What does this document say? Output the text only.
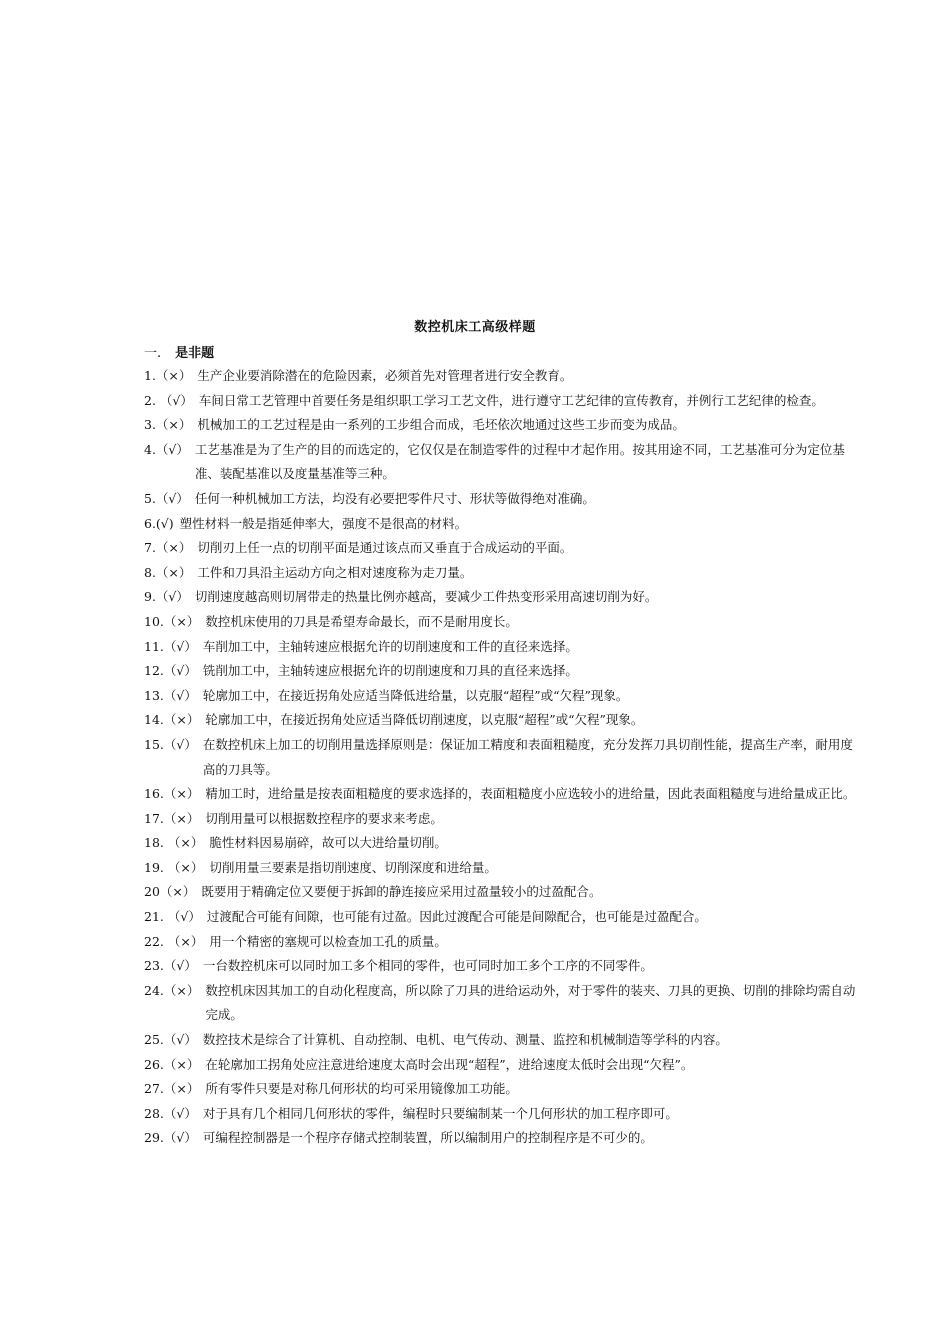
数控机床工高级样题
一. 是非题
1.（×） 生产企业要消除潜在的危险因素，必须首先对管理者进行安全教育。
2. （√） 车间日常工艺管理中首要任务是组织职工学习工艺文件，进行遵守工艺纪律的宣传教育，并例行工艺纪律的检查。
3.（×） 机械加工的工艺过程是由一系列的工步组合而成，毛坯依次地通过这些工步而变为成品。
4.（√） 工艺基准是为了生产的目的而选定的，它仅仅是在制造零件的过程中才起作用。按其用途不同，工艺基准可分为定位基准、装配基准以及度量基准等三种。
5.（√） 任何一种机械加工方法，均没有必要把零件尺寸、形状等做得绝对准确。
6.(√) 塑性材料一般是指延伸率大，强度不是很高的材料。
7.（×） 切削刃上任一点的切削平面是通过该点而又垂直于合成运动的平面。
8.（×） 工件和刀具沿主运动方向之相对速度称为走刀量。
9.（√） 切削速度越高则切屑带走的热量比例亦越高，要减少工件热变形采用高速切削为好。
10.（×） 数控机床使用的刀具是希望寿命最长，而不是耐用度长。
11.（√） 车削加工中，主轴转速应根据允许的切削速度和工件的直径来选择。
12.（√） 铣削加工中，主轴转速应根据允许的切削速度和刀具的直径来选择。
13.（√） 轮廓加工中，在接近拐角处应适当降低进给量，以克服“超程”或“欠程”现象。
14.（×） 轮廓加工中，在接近拐角处应适当降低切削速度，以克服“超程”或“欠程”现象。
15.（√） 在数控机床上加工的切削用量选择原则是：保证加工精度和表面粗糙度，充分发挥刀具切削性能，提高生产率，耐用度高的刀具等。
16.（×） 精加工时，进给量是按表面粗糙度的要求选择的，表面粗糙度小应选较小的进给量，因此表面粗糙度与进给量成正比。
17.（×） 切削用量可以根据数控程序的要求来考虑。
18. （×） 脆性材料因易崩碎，故可以大进给量切削。
19. （×） 切削用量三要素是指切削速度、切削深度和进给量。
20（×） 既要用于精确定位又要便于拆卸的静连接应采用过盈量较小的过盈配合。
21. （√） 过渡配合可能有间隙，也可能有过盈。因此过渡配合可能是间隙配合，也可能是过盈配合。
22. （×） 用一个精密的塞规可以检查加工孔的质量。
23.（√） 一台数控机床可以同时加工多个相同的零件，也可同时加工多个工序的不同零件。
24.（×） 数控机床因其加工的自动化程度高，所以除了刀具的进给运动外，对于零件的装夹、刀具的更换、切削的排除均需自动完成。
25.（√） 数控技术是综合了计算机、自动控制、电机、电气传动、测量、监控和机械制造等学科的内容。
26.（×） 在轮廓加工拐角处应注意进给速度太高时会出现“超程”，进给速度太低时会出现“欠程”。
27.（×） 所有零件只要是对称几何形状的均可采用镜像加工功能。
28.（√） 对于具有几个相同几何形状的零件，编程时只要编制某一个几何形状的加工程序即可。
29.（√） 可编程控制器是一个程序存储式控制装置，所以编制用户的控制程序是不可少的。
